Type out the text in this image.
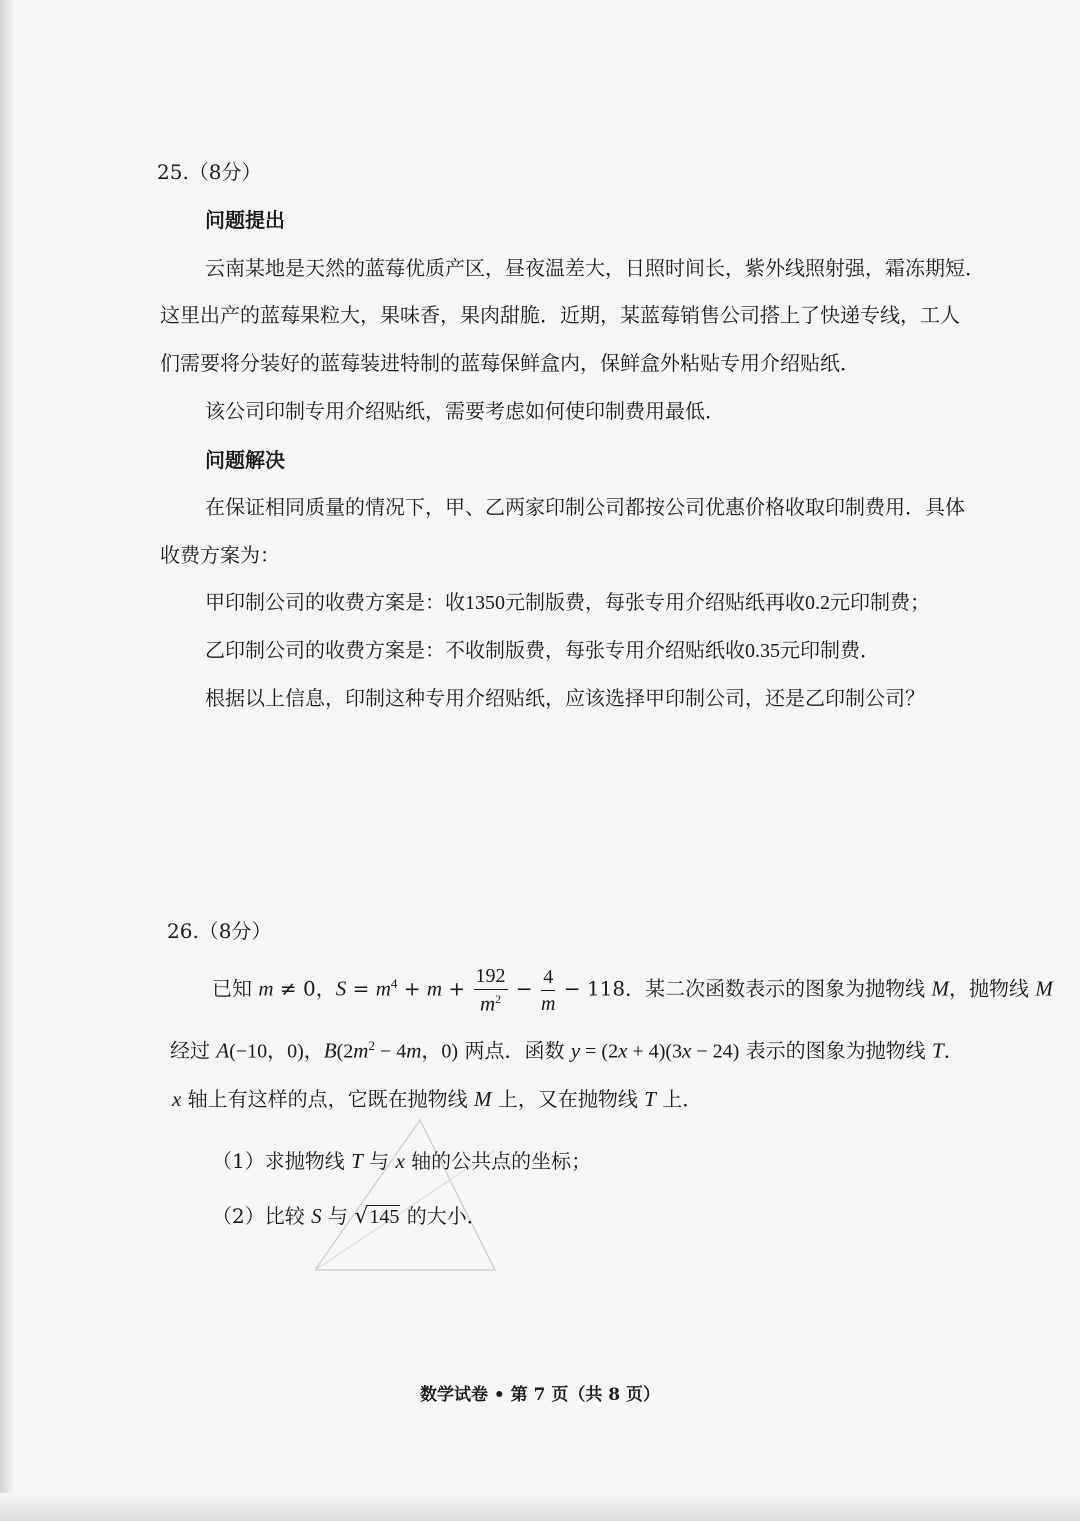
25.（8分）
问题提出
云南某地是天然的蓝莓优质产区，昼夜温差大，日照时间长，紫外线照射强，霜冻期短．
这里出产的蓝莓果粒大，果味香，果肉甜脆．近期，某蓝莓销售公司搭上了快递专线，工人
们需要将分装好的蓝莓装进特制的蓝莓保鲜盒内，保鲜盒外粘贴专用介绍贴纸．
该公司印制专用介绍贴纸，需要考虑如何使印制费用最低．
问题解决
在保证相同质量的情况下，甲、乙两家印制公司都按公司优惠价格收取印制费用．具体
收费方案为：
甲印制公司的收费方案是：收1350元制版费，每张专用介绍贴纸再收0.2元印制费；
乙印制公司的收费方案是：不收制版费，每张专用介绍贴纸收0.35元印制费．
根据以上信息，印制这种专用介绍贴纸，应该选择甲印制公司，还是乙印制公司？
26.（8分）
已知 m ≠ 0，$S = m^4 + m + \frac{192}{m^2} - \frac{4}{m} - 118$．某二次函数表示的图象为抛物线 M，抛物线 M
经过 A(−10，0)，$B(2m^2 - 4m$，0) 两点．函数 y = (2x + 4)(3x − 24) 表示的图象为抛物线 T．
x 轴上有这样的点，它既在抛物线 M 上，又在抛物线 T 上．
（1）求抛物线 T 与 x 轴的公共点的坐标；
（2）比较 S 与 √145 的大小．
数学试卷 • 第 7 页（共 8 页）
